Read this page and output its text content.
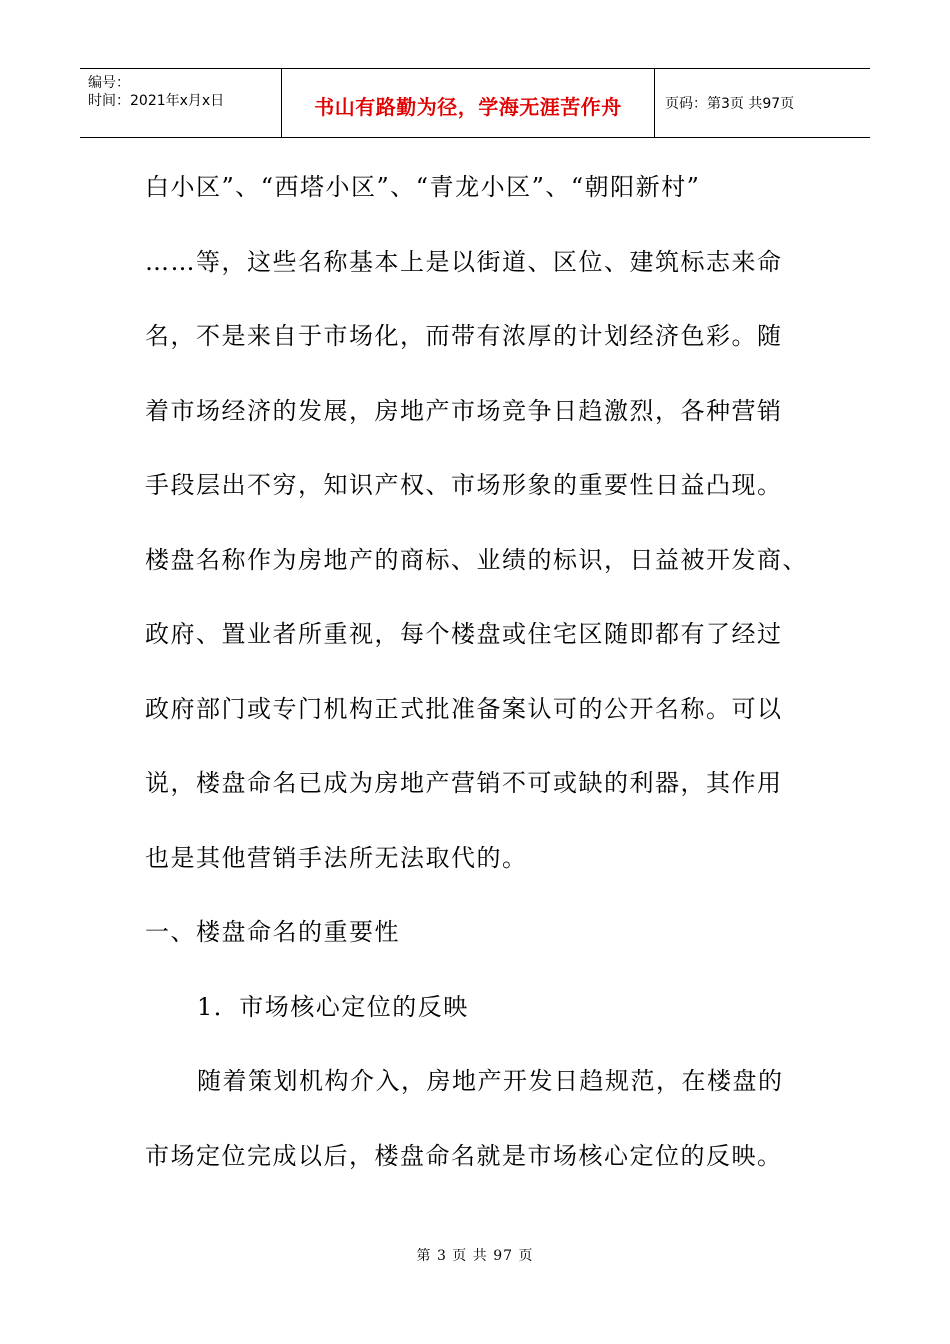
编号：
时间：2021年x月x日	书山有路勤为径，学海无涯苦作舟	页码：第3页 共97页
白小区”、“西塔小区”、“青龙小区”、“朝阳新村”
……等，这些名称基本上是以街道、区位、建筑标志来命
名，不是来自于市场化，而带有浓厚的计划经济色彩。随
着市场经济的发展，房地产市场竞争日趋激烈，各种营销
手段层出不穷，知识产权、市场形象的重要性日益凸现。
楼盘名称作为房地产的商标、业绩的标识，日益被开发商、
政府、置业者所重视，每个楼盘或住宅区随即都有了经过
政府部门或专门机构正式批准备案认可的公开名称。可以
说，楼盘命名已成为房地产营销不可或缺的利器，其作用
也是其他营销手法所无法取代的。
一、楼盘命名的重要性
1．市场核心定位的反映
随着策划机构介入，房地产开发日趋规范，在楼盘的
市场定位完成以后，楼盘命名就是市场核心定位的反映。
第 3 页 共 97 页
